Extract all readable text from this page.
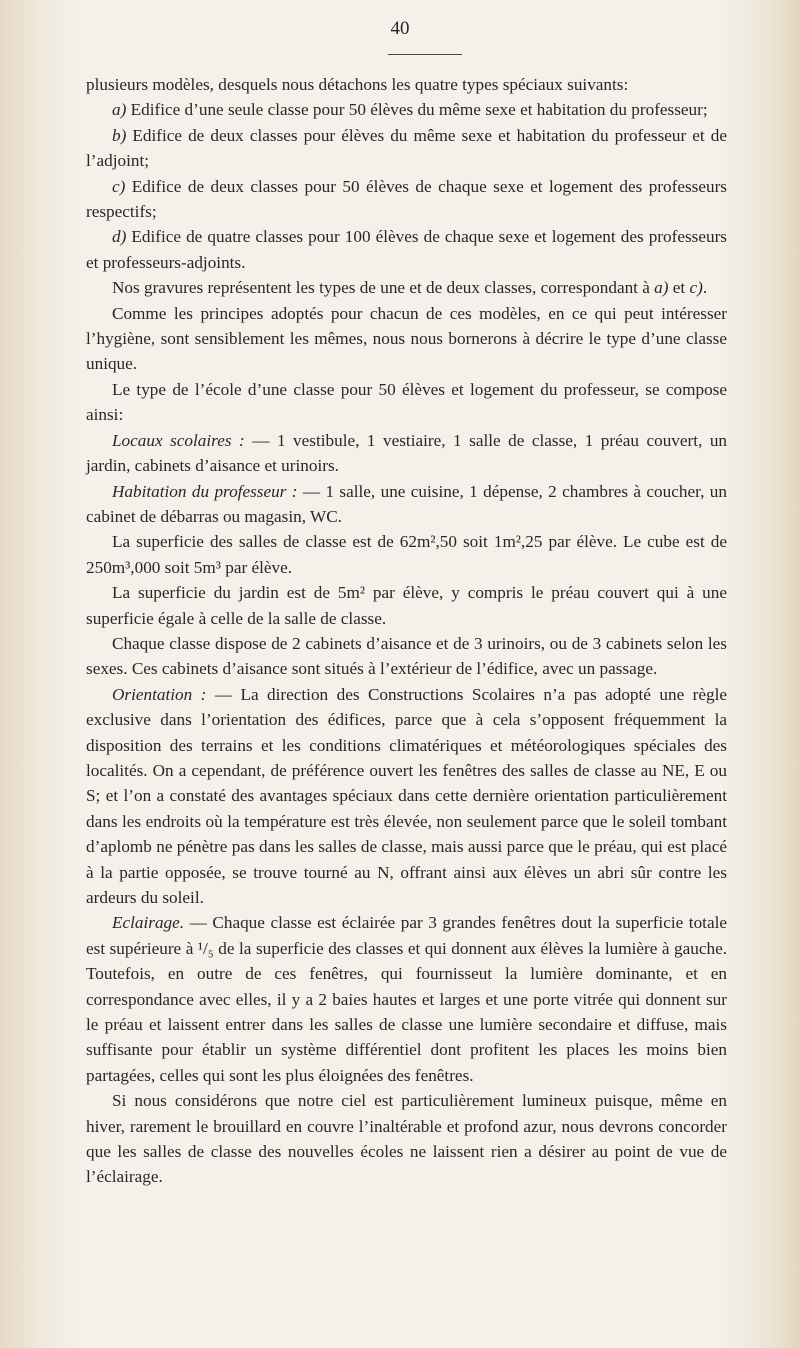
40

plusieurs modèles, desquels nous détachons les quatre types spéciaux suivants:

a) Edifice d’une seule classe pour 50 élèves du même sexe et habitation du professeur;

b) Edifice de deux classes pour élèves du même sexe et habitation du professeur et de l’adjoint;

c) Edifice de deux classes pour 50 élèves de chaque sexe et logement des professeurs respectifs;

d) Edifice de quatre classes pour 100 élèves de chaque sexe et logement des professeurs et professeurs-adjoints.

Nos gravures représentent les types de une et de deux classes, correspondant à a) et c).

Comme les principes adoptés pour chacun de ces modèles, en ce qui peut intéresser l’hygiène, sont sensiblement les mêmes, nous nous bornerons à décrire le type d’une classe unique.

Le type de l’école d’une classe pour 50 élèves et logement du professeur, se compose ainsi:

Locaux scolaires : — 1 vestibule, 1 vestiaire, 1 salle de classe, 1 préau couvert, un jardin, cabinets d’aisance et urinoirs.

Habitation du professeur : — 1 salle, une cuisine, 1 dépense, 2 chambres à coucher, un cabinet de débarras ou magasin, WC.

La superficie des salles de classe est de 62m²,50 soit 1m²,25 par élève. Le cube est de 250m³,000 soit 5m³ par élève.

La superficie du jardin est de 5m² par élève, y compris le préau couvert qui à une superficie égale à celle de la salle de classe.

Chaque classe dispose de 2 cabinets d’aisance et de 3 urinoirs, ou de 3 cabinets selon les sexes. Ces cabinets d’aisance sont situés à l’extérieur de l’édifice, avec un passage.

Orientation : — La direction des Constructions Scolaires n’a pas adopté une règle exclusive dans l’orientation des édifices, parce que à cela s’opposent fréquemment la disposition des terrains et les conditions climatériques et météorologiques spéciales des localités. On a cependant, de préférence ouvert les fenêtres des salles de classe au NE, E ou S; et l’on a constaté des avantages spéciaux dans cette dernière orientation particulièrement dans les endroits où la température est très élevée, non seulement parce que le soleil tombant d’aplomb ne pénètre pas dans les salles de classe, mais aussi parce que le préau, qui est placé à la partie opposée, se trouve tourné au N, offrant ainsi aux élèves un abri sûr contre les ardeurs du soleil.

Eclairage. — Chaque classe est éclairée par 3 grandes fenêtres dout la superficie totale est supérieure à ¹/₅ de la superficie des classes et qui donnent aux élèves la lumière à gauche. Toutefois, en outre de ces fenêtres, qui fournisseut la lumière dominante, et en correspondance avec elles, il y a 2 baies hautes et larges et une porte vitrée qui donnent sur le préau et laissent entrer dans les salles de classe une lumière secondaire et diffuse, mais suffisante pour établir un système différentiel dont profitent les places les moins bien partagées, celles qui sont les plus éloignées des fenêtres.

Si nous considérons que notre ciel est particulièrement lumineux puisque, même en hiver, rarement le brouillard en couvre l’inaltérable et profond azur, nous devrons concorder que les salles de classe des nouvelles écoles ne laissent rien a désirer au point de vue de l’éclairage.
